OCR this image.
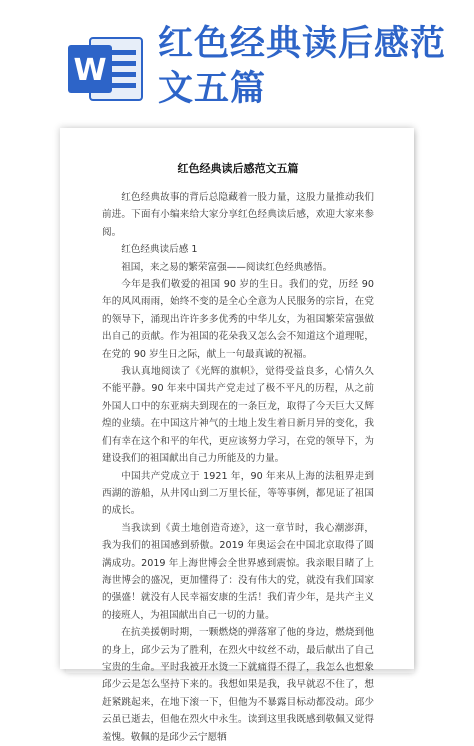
W
红色经典读后感范文五篇
红色经典读后感范文五篇

红色经典故事的背后总隐藏着一股力量，这股力量推动我们前进。下面有小编来给大家分享红色经典读后感，欢迎大家来参阅。

红色经典读后感 1

祖国，来之易的繁荣富强——阅读红色经典感悟。

今年是我们敬爱的祖国 90 岁的生日。我们的党，历经 90 年的风风雨雨，始终不变的是全心全意为人民服务的宗旨，在党的领导下，涌现出许许多多优秀的中华儿女，为祖国繁荣富强做出自己的贡献。作为祖国的花朵我又怎么会不知道这个道理呢，在党的 90 岁生日之际，献上一句最真诚的祝福。

我认真地阅读了《光辉的旗帜》，觉得受益良多，心情久久不能平静。90 年来中国共产党走过了极不平凡的历程，从之前外国人口中的东亚病夫到现在的一条巨龙，取得了今天巨大又辉煌的业绩。在中国这片神气的土地上发生着日新月异的变化，我们有幸在这个和平的年代，更应该努力学习，在党的领导下，为建设我们的祖国献出自己力所能及的力量。

中国共产党成立于 1921 年，90 年来从上海的法租界走到西湖的游船，从井冈山到二万里长征，等等事例，都见证了祖国的成长。

当我读到《黄土地创造奇迹》，这一章节时，我心潮澎湃，我为我们的祖国感到骄傲。2019 年奥运会在中国北京取得了圆满成功。2019 年上海世博会全世界感到震惊。我亲眼目睹了上海世博会的盛况，更加懂得了：没有伟大的党，就没有我们国家的强盛！就没有人民幸福安康的生活！我们青少年，是共产主义的接班人，为祖国献出自己一切的力量。

在抗美援朝时期，一颗燃烧的弹落窜了他的身边，燃烧到他的身上，邱少云为了胜利，在烈火中纹丝不动，最后献出了自己宝贵的生命。平时我被开水烫一下就痛得不得了，我怎么也想象邱少云是怎么坚持下来的。我想如果是我，我早就忍不住了，想赶紧跳起来，在地下滚一下，但他为不暴露目标动都没动。邱少云虽已逝去，但他在烈火中永生。读到这里我既感到敬佩又觉得羞愧。敬佩的是邱少云宁愿牺
